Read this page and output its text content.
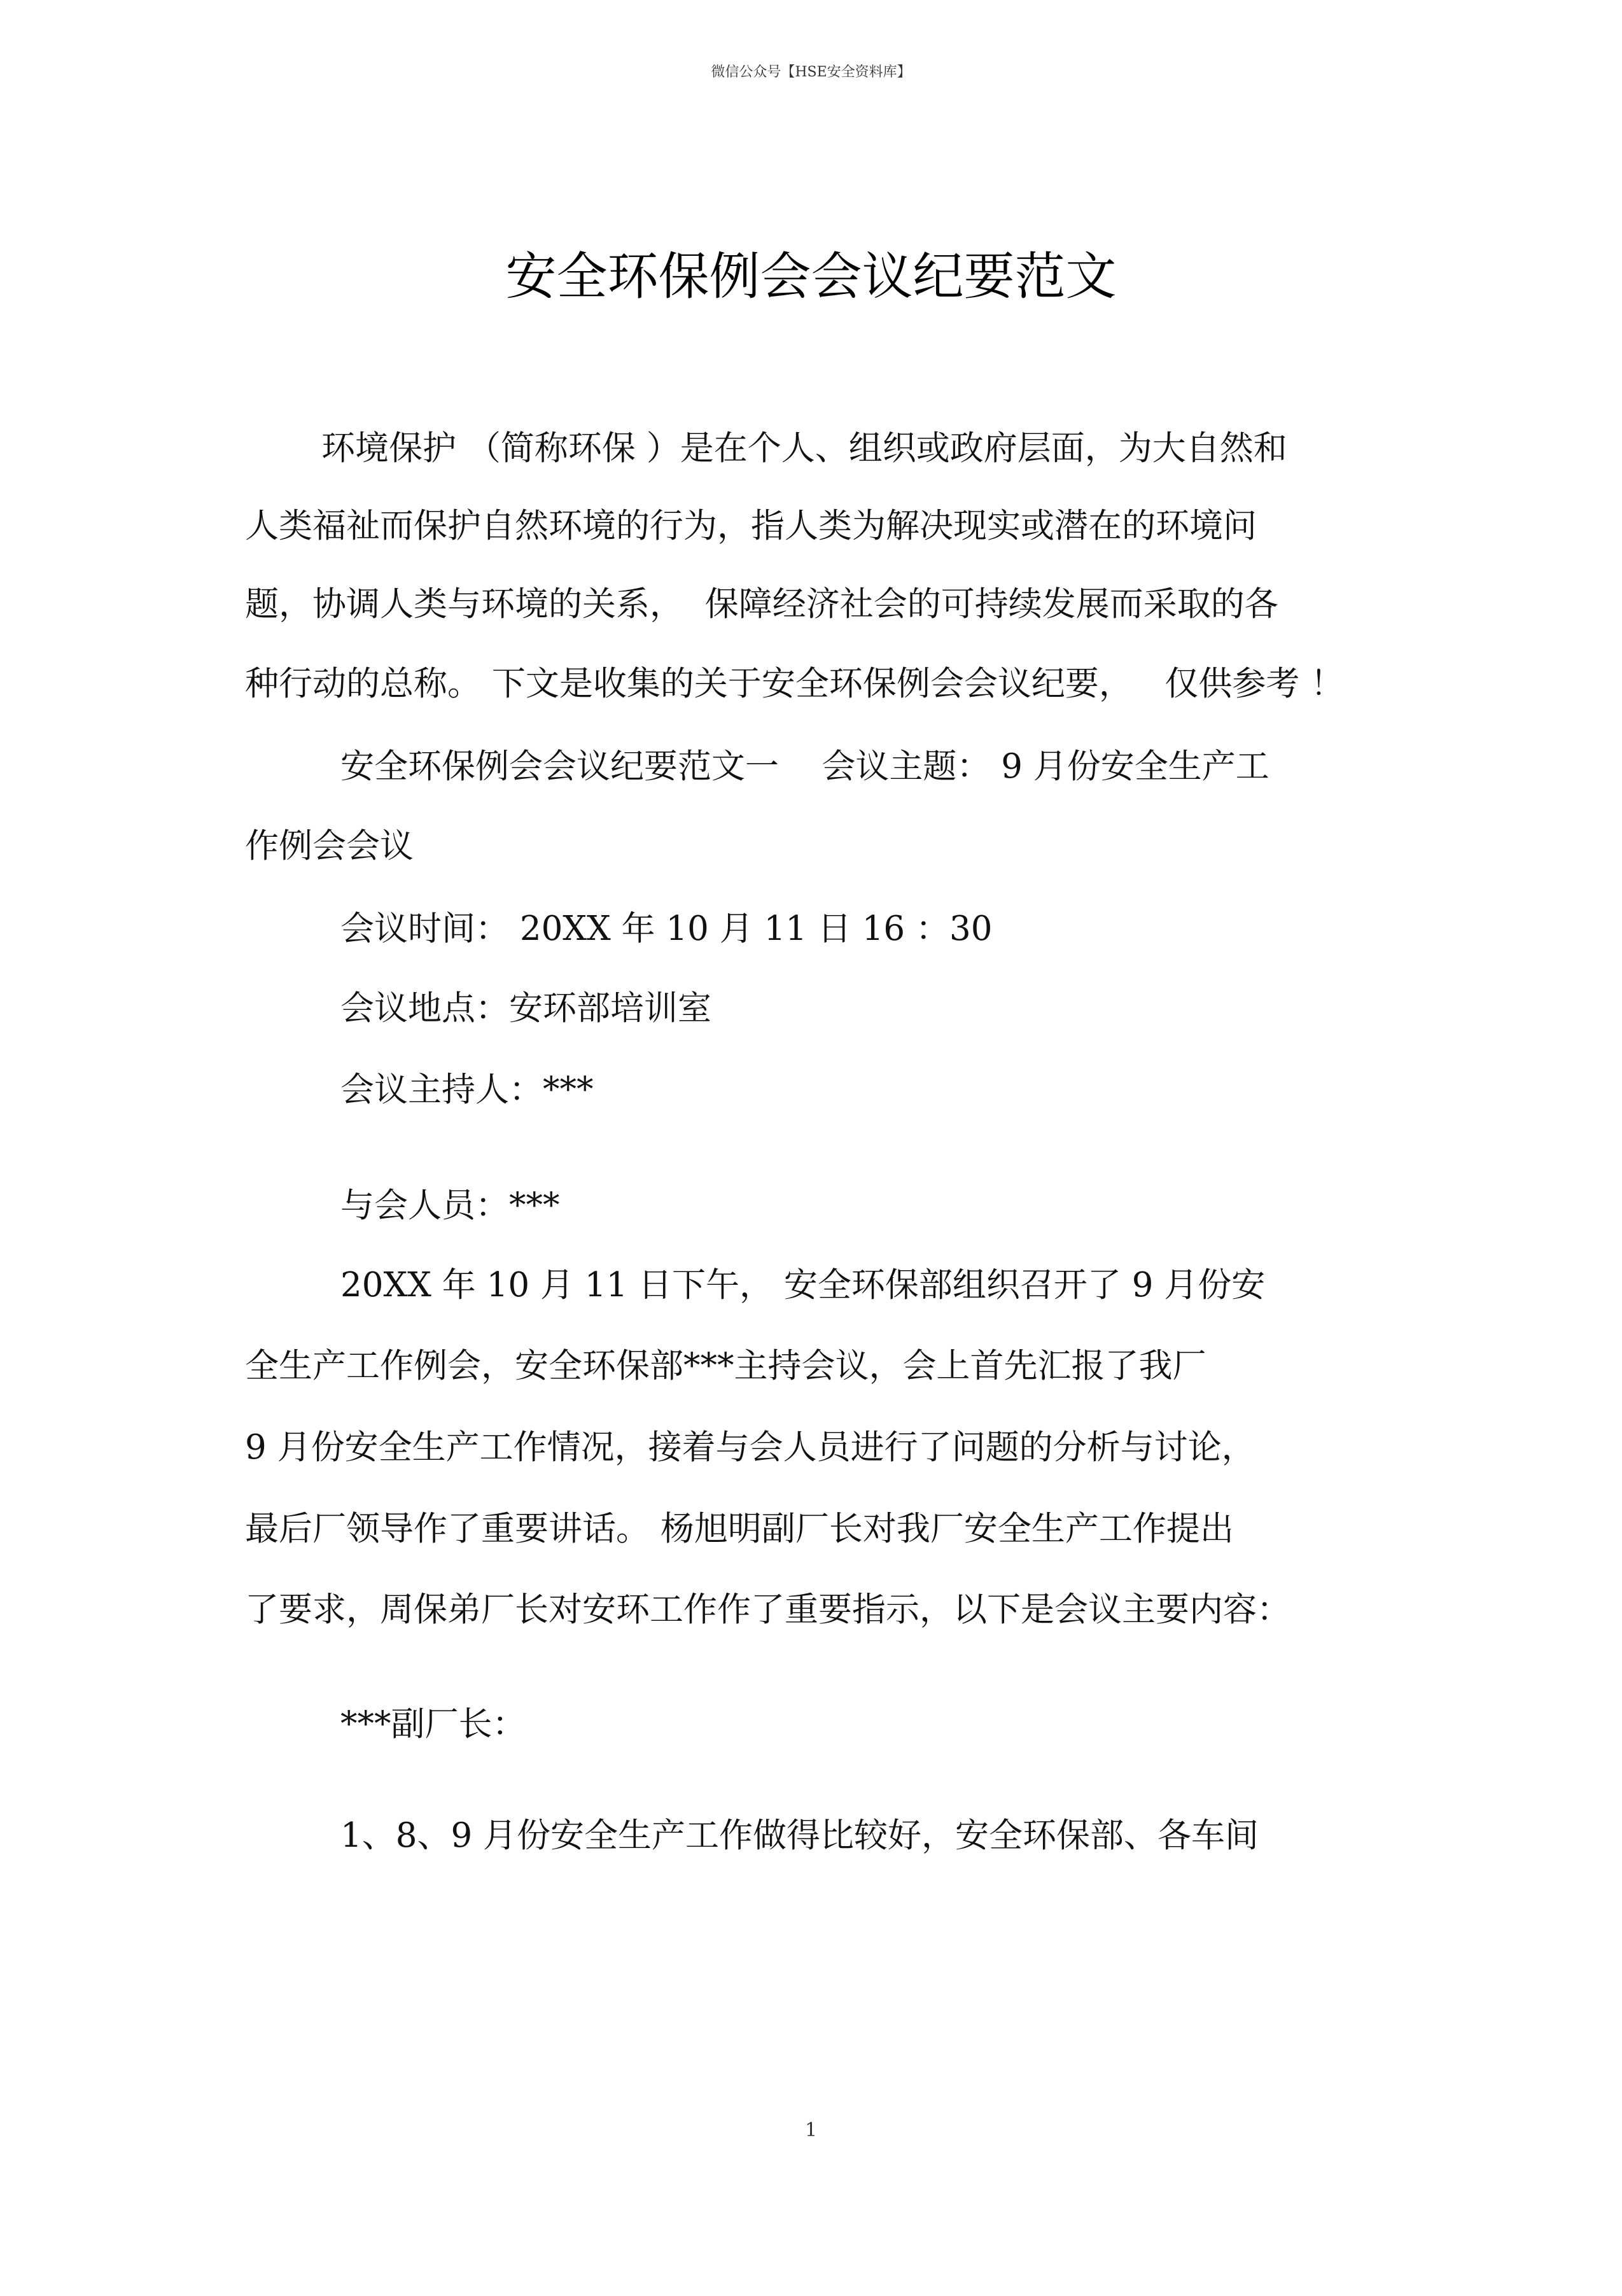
微信公众号【HSE安全资料库】
安全环保例会会议纪要范文
环境保护 （简称环保 ）是在个人、组织或政府层面，为大自然和
人类福祉而保护自然环境的行为，指人类为解决现实或潜在的环境问
题，协调人类与环境的关系，  保障经济社会的可持续发展而采取的各
种行动的总称。 下文是收集的关于安全环保例会会议纪要，   仅供参考 ！
安全环保例会会议纪要范文一    会议主题： 9 月份安全生产工
作例会会议
会议时间： 20XX 年 10 月 11 日 16 ：30
会议地点：安环部培训室
会议主持人：***
与会人员：***
20XX 年 10 月 11 日下午， 安全环保部组织召开了 9 月份安
全生产工作例会，安全环保部***主持会议，会上首先汇报了我厂
9 月份安全生产工作情况，接着与会人员进行了问题的分析与讨论，
最后厂领导作了重要讲话。 杨旭明副厂长对我厂安全生产工作提出
了要求，周保弟厂长对安环工作作了重要指示，以下是会议主要内容：
***副厂长：
1、8、9 月份安全生产工作做得比较好，安全环保部、各车间
1
